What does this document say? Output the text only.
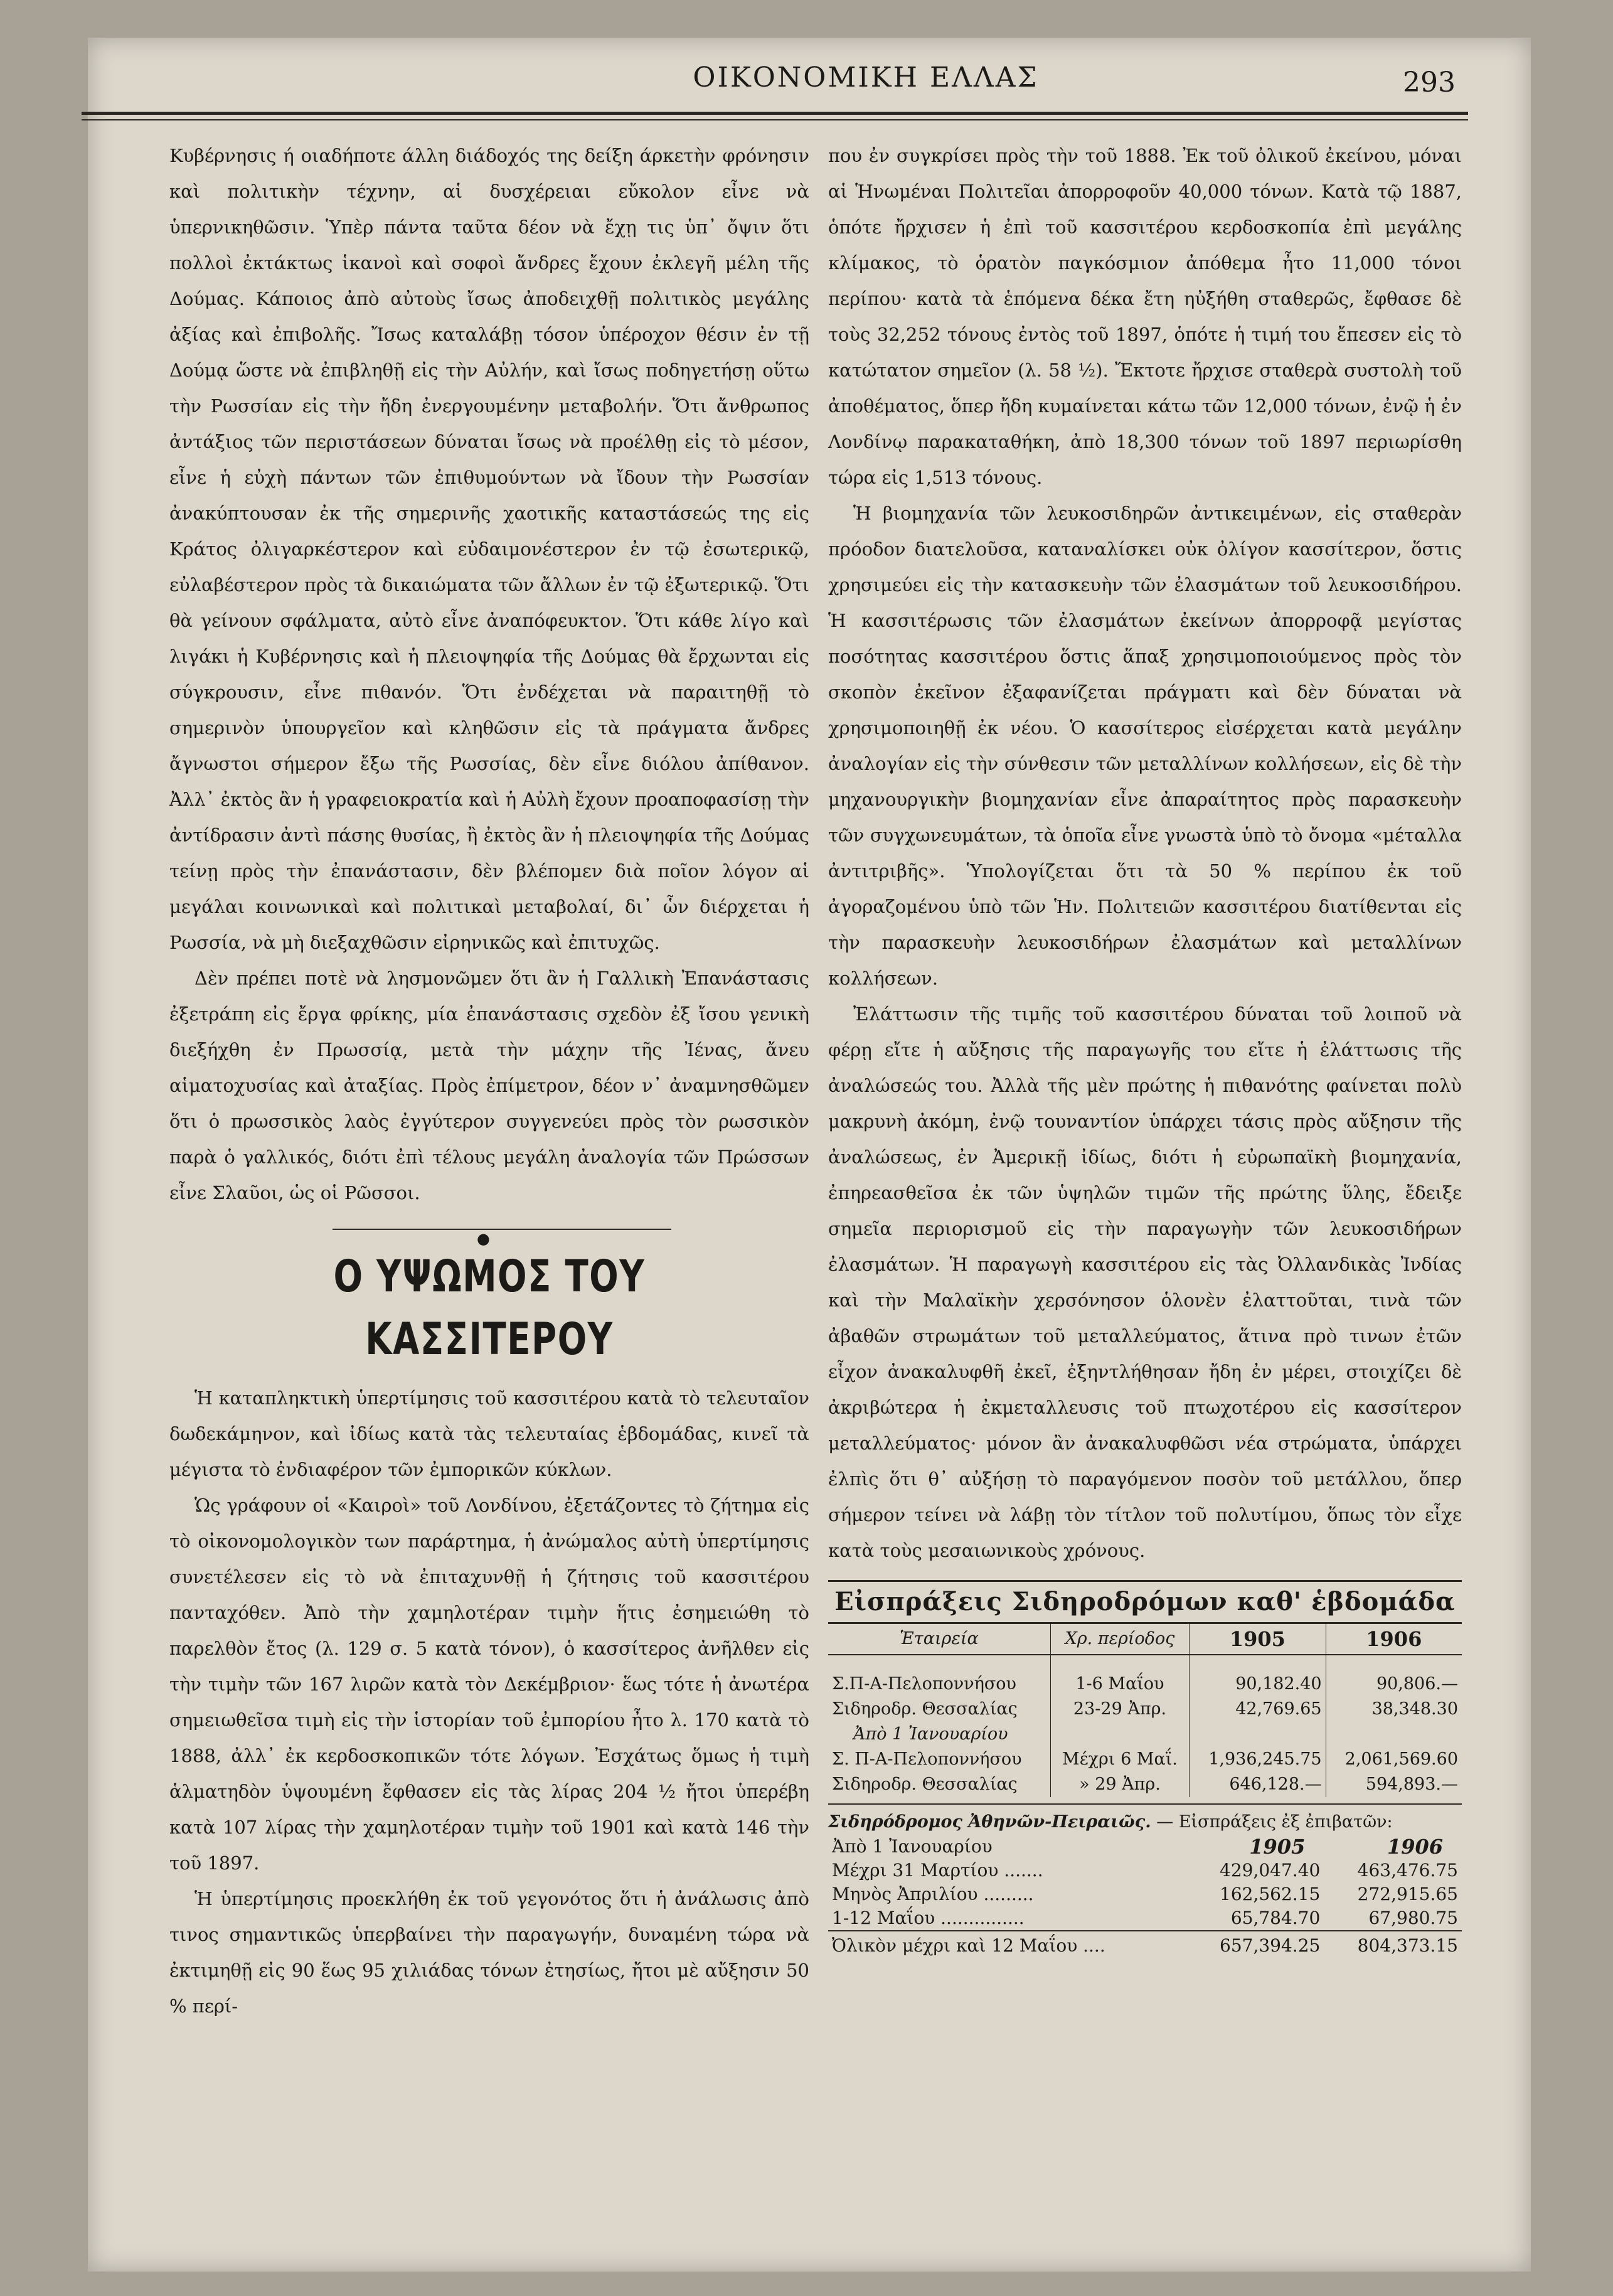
ΟΙΚΟΝΟΜΙΚΗ ΕΛΛΑΣ	293

Κυβέρνησις ή οιαδήποτε άλλη διάδοχός της δείξη άρκετὴν φρόνησιν καὶ πολιτικὴν τέχνην, αἱ δυσχέρειαι εὔκολον εἶνε νὰ ὑπερνικηθῶσιν. Ὑπὲρ πάντα ταῦτα δέον νὰ ἔχῃ τις ὑπ᾿ ὄψιν ὅτι πολλοὶ ἐκτάκτως ἱκανοὶ καὶ σοφοὶ ἄνδρες ἔχουν ἐκλεγῆ μέλη τῆς Δούμας. Κάποιος ἀπὸ αὐτοὺς ἴσως ἀποδειχθῇ πολιτικὸς μεγάλης ἀξίας καὶ ἐπιβολῆς. Ἴσως καταλάβῃ τόσον ὑπέροχον θέσιν ἐν τῇ Δούμᾳ ὥστε νὰ ἐπιβληθῇ εἰς τὴν Αὐλήν, καὶ ἴσως ποδηγετήσῃ οὕτω τὴν Ρωσσίαν εἰς τὴν ἤδη ἐνεργουμένην μεταβολήν. Ὅτι ἄνθρωπος ἀντάξιος τῶν περιστάσεων δύναται ἴσως νὰ προέλθῃ εἰς τὸ μέσον, εἶνε ἡ εὐχὴ πάντων τῶν ἐπιθυμούντων νὰ ἴδουν τὴν Ρωσσίαν ἀνακύπτουσαν ἐκ τῆς σημερινῆς χαοτικῆς καταστάσεώς της εἰς Κράτος ὀλιγαρκέστερον καὶ εὐδαιμονέστερον ἐν τῷ ἐσωτερικῷ, εὐλαβέστερον πρὸς τὰ δικαιώματα τῶν ἄλλων ἐν τῷ ἐξωτερικῷ. Ὅτι θὰ γείνουν σφάλματα, αὐτὸ εἶνε ἀναπόφευκτον. Ὅτι κάθε λίγο καὶ λιγάκι ἡ Κυβέρνησις καὶ ἡ πλειοψηφία τῆς Δούμας θὰ ἔρχωνται εἰς σύγκρουσιν, εἶνε πιθανόν. Ὅτι ἐνδέχεται νὰ παραιτηθῇ τὸ σημερινὸν ὑπουργεῖον καὶ κληθῶσιν εἰς τὰ πράγματα ἄνδρες ἄγνωστοι σήμερον ἔξω τῆς Ρωσσίας, δὲν εἶνε διόλου ἀπίθανον. Ἀλλ᾿ ἐκτὸς ἂν ἡ γραφειοκρατία καὶ ἡ Αὐλὴ ἔχουν προαποφασίσῃ τὴν ἀντίδρασιν ἀντὶ πάσης θυσίας, ἢ ἐκτὸς ἂν ἡ πλειοψηφία τῆς Δούμας τείνῃ πρὸς τὴν ἐπανάστασιν, δὲν βλέπομεν διὰ ποῖον λόγον αἱ μεγάλαι κοινωνικαὶ καὶ πολιτικαὶ μεταβολαί, δι᾿ ὧν διέρχεται ἡ Ρωσσία, νὰ μὴ διεξαχθῶσιν εἰρηνικῶς καὶ ἐπιτυχῶς.

Δὲν πρέπει ποτὲ νὰ λησμονῶμεν ὅτι ἂν ἡ Γαλλικὴ Ἐπανάστασις ἐξετράπη εἰς ἔργα φρίκης, μία ἐπανάστασις σχεδὸν ἐξ ἴσου γενικὴ διεξήχθη ἐν Πρωσσίᾳ, μετὰ τὴν μάχην τῆς Ἰένας, ἄνευ αἱματοχυσίας καὶ ἀταξίας. Πρὸς ἐπίμετρον, δέον ν᾿ ἀναμνησθῶμεν ὅτι ὁ πρωσσικὸς λαὸς ἐγγύτερον συγγενεύει πρὸς τὸν ρωσσικὸν παρὰ ὁ γαλλικός, διότι ἐπὶ τέλους μεγάλη ἀναλογία τῶν Πρώσσων εἶνε Σλαῦοι, ὡς οἱ Ρῶσσοι.

●
Ο ΥΨΩΜΟΣ ΤΟΥ ΚΑΣΣΙΤΕΡΟΥ

Ἡ καταπληκτικὴ ὑπερτίμησις τοῦ κασσιτέρου κατὰ τὸ τελευταῖον δωδεκάμηνον, καὶ ἰδίως κατὰ τὰς τελευταίας ἑβδομάδας, κινεῖ τὰ μέγιστα τὸ ἐνδιαφέρον τῶν ἐμπορικῶν κύκλων.

Ὡς γράφουν οἱ «Καιροὶ» τοῦ Λονδίνου, ἐξετάζοντες τὸ ζήτημα εἰς τὸ οἰκονομολογικὸν των παράρτημα, ἡ ἀνώμαλος αὐτὴ ὑπερτίμησις συνετέλεσεν εἰς τὸ νὰ ἐπιταχυνθῇ ἡ ζήτησις τοῦ κασσιτέρου πανταχόθεν. Ἀπὸ τὴν χαμηλοτέραν τιμὴν ἥτις ἐσημειώθη τὸ παρελθὸν ἔτος (λ. 129 σ. 5 κατὰ τόνον), ὁ κασσίτερος ἀνῆλθεν εἰς τὴν τιμὴν τῶν 167 λιρῶν κατὰ τὸν Δεκέμβριον· ἕως τότε ἡ ἀνωτέρα σημειωθεῖσα τιμὴ εἰς τὴν ἱστορίαν τοῦ ἐμπορίου ἦτο λ. 170 κατὰ τὸ 1888, ἀλλ᾿ ἐκ κερδοσκοπικῶν τότε λόγων. Ἐσχάτως ὅμως ἡ τιμὴ ἁλματηδὸν ὑψουμένη ἔφθασεν εἰς τὰς λίρας 204 ½ ἤτοι ὑπερέβη κατὰ 107 λίρας τὴν χαμηλοτέραν τιμὴν τοῦ 1901 καὶ κατὰ 146 τὴν τοῦ 1897.

Ἡ ὑπερτίμησις προεκλήθη ἐκ τοῦ γεγονότος ὅτι ἡ ἀνάλωσις ἀπὸ τινος σημαντικῶς ὑπερβαίνει τὴν παραγωγήν, δυναμένη τώρα νὰ ἐκτιμηθῇ εἰς 90 ἕως 95 χιλιάδας τόνων ἐτησίως, ἤτοι μὲ αὔξησιν 50 % περί-

που ἐν συγκρίσει πρὸς τὴν τοῦ 1888. Ἐκ τοῦ ὀλικοῦ ἐκείνου, μόναι αἱ Ἡνωμέναι Πολιτεῖαι ἀπορροφοῦν 40,000 τόνων. Κατὰ τῷ 1887, ὁπότε ἤρχισεν ἡ ἐπὶ τοῦ κασσιτέρου κερδοσκοπία ἐπὶ μεγάλης κλίμακος, τὸ ὁρατὸν παγκόσμιον ἀπόθεμα ἦτο 11,000 τόνοι περίπου· κατὰ τὰ ἑπόμενα δέκα ἔτη ηὐξήθη σταθερῶς, ἔφθασε δὲ τοὺς 32,252 τόνους ἐντὸς τοῦ 1897, ὁπότε ἡ τιμή του ἔπεσεν εἰς τὸ κατώτατον σημεῖον (λ. 58 ½). Ἔκτοτε ἤρχισε σταθερὰ συστολὴ τοῦ ἀποθέματος, ὅπερ ἤδη κυμαίνεται κάτω τῶν 12,000 τόνων, ἐνῷ ἡ ἐν Λονδίνῳ παρακαταθήκη, ἀπὸ 18,300 τόνων τοῦ 1897 περιωρίσθη τώρα εἰς 1,513 τόνους.

Ἡ βιομηχανία τῶν λευκοσιδηρῶν ἀντικειμένων, εἰς σταθερὰν πρόοδον διατελοῦσα, καταναλίσκει οὐκ ὀλίγον κασσίτερον, ὅστις χρησιμεύει εἰς τὴν κατασκευὴν τῶν ἐλασμάτων τοῦ λευκοσιδήρου. Ἡ κασσιτέρωσις τῶν ἐλασμάτων ἐκείνων ἀπορροφᾷ μεγίστας ποσότητας κασσιτέρου ὅστις ἅπαξ χρησιμοποιούμενος πρὸς τὸν σκοπὸν ἐκεῖνον ἐξαφανίζεται πράγματι καὶ δὲν δύναται νὰ χρησιμοποιηθῇ ἐκ νέου. Ὁ κασσίτερος εἰσέρχεται κατὰ μεγάλην ἀναλογίαν εἰς τὴν σύνθεσιν τῶν μεταλλίνων κολλήσεων, εἰς δὲ τὴν μηχανουργικὴν βιομηχανίαν εἶνε ἀπαραίτητος πρὸς παρασκευὴν τῶν συγχωνευμάτων, τὰ ὁποῖα εἶνε γνωστὰ ὑπὸ τὸ ὄνομα «μέταλλα ἀντιτριβῆς». Ὑπολογίζεται ὅτι τὰ 50 % περίπου ἐκ τοῦ ἀγοραζομένου ὑπὸ τῶν Ἡν. Πολιτειῶν κασσιτέρου διατίθενται εἰς τὴν παρασκευὴν λευκοσιδήρων ἐλασμάτων καὶ μεταλλίνων κολλήσεων.

Ἐλάττωσιν τῆς τιμῆς τοῦ κασσιτέρου δύναται τοῦ λοιποῦ νὰ φέρῃ εἴτε ἡ αὔξησις τῆς παραγωγῆς του εἴτε ἡ ἐλάττωσις τῆς ἀναλώσεώς του. Ἀλλὰ τῆς μὲν πρώτης ἡ πιθανότης φαίνεται πολὺ μακρυνὴ ἀκόμη, ἐνῷ τουναντίον ὑπάρχει τάσις πρὸς αὔξησιν τῆς ἀναλώσεως, ἐν Ἀμερικῇ ἰδίως, διότι ἡ εὐρωπαϊκὴ βιομηχανία, ἐπηρεασθεῖσα ἐκ τῶν ὑψηλῶν τιμῶν τῆς πρώτης ὕλης, ἔδειξε σημεῖα περιορισμοῦ εἰς τὴν παραγωγὴν τῶν λευκοσιδήρων ἐλασμάτων. Ἡ παραγωγὴ κασσιτέρου εἰς τὰς Ὀλλανδικὰς Ἰνδίας καὶ τὴν Μαλαϊκὴν χερσόνησον ὁλονὲν ἐλαττοῦται, τινὰ τῶν ἀβαθῶν στρωμάτων τοῦ μεταλλεύματος, ἅτινα πρὸ τινων ἐτῶν εἶχον ἀνακαλυφθῆ ἐκεῖ, ἐξηντλήθησαν ἤδη ἐν μέρει, στοιχίζει δὲ ἀκριβώτερα ἡ ἐκμεταλλευσις τοῦ πτωχοτέρου εἰς κασσίτερον μεταλλεύματος· μόνον ἂν ἀνακαλυφθῶσι νέα στρώματα, ὑπάρχει ἐλπὶς ὅτι θ᾿ αὐξήσῃ τὸ παραγόμενον ποσὸν τοῦ μετάλλου, ὅπερ σήμερον τείνει νὰ λάβῃ τὸν τίτλον τοῦ πολυτίμου, ὅπως τὸν εἶχε κατὰ τοὺς μεσαιωνικοὺς χρόνους.

Εἰσπράξεις Σιδηροδρόμων καθ' ἑβδομάδα
Ἑταιρεία	Χρ. περίοδος	1905	1906

Σ.Π-Α-Πελοποννήσου	1-6 Μαΐου	90,182.40	90,806.—
Σιδηροδρ. Θεσσαλίας	23-29 Ἀπρ.	42,769.65	38,348.30
Ἀπὸ 1 Ἰανουαρίου			
Σ. Π-Α-Πελοποννήσου	Μέχρι 6 Μαΐ.	1,936,245.75	2,061,569.60
Σιδηροδρ. Θεσσαλίας	» 29 Ἀπρ.	646,128.—	594,893.—
Σιδηρόδρομος Ἀθηνῶν-Πειραιῶς. — Εἰσπράξεις ἐξ ἐπιβατῶν:
Ἀπὸ 1 Ἰανουαρίου	1905	1906
Μέχρι 31 Μαρτίου .......	429,047.40	463,476.75
Μηνὸς Ἀπριλίου .........	162,562.15	272,915.65
1-12 Μαΐου ...............	65,784.70	67,980.75
Ὀλικὸν μέχρι καὶ 12 Μαΐου ....	657,394.25	804,373.15
